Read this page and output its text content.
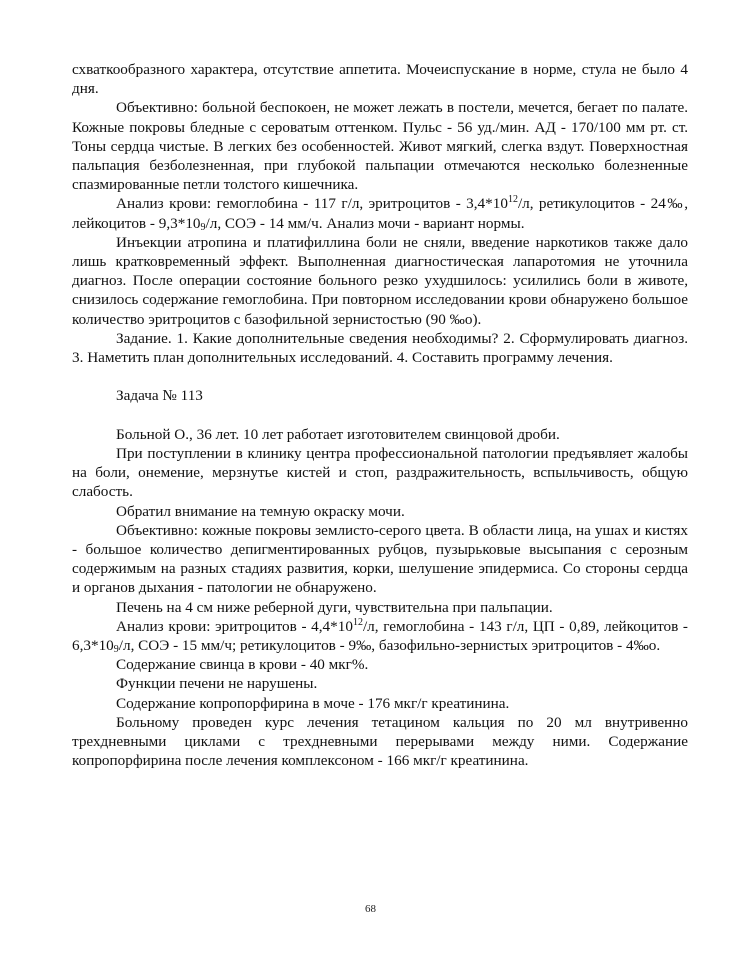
схваткообразного характера, отсутствие аппетита. Мочеиспускание в норме, стула не было 4 дня.

Объективно: больной беспокоен, не может лежать в постели, мечется, бегает по палате. Кожные покровы бледные с сероватым оттенком. Пульс - 56 уд./мин. АД - 170/100 мм рт. ст. Тоны сердца чистые. В легких без особенностей. Живот мягкий, слегка вздут. Поверхностная пальпация безболезненная, при глубокой пальпации отмечаются несколько болезненные спазмированные петли толстого кишечника.

Анализ крови: гемоглобина - 117 г/л, эритроцитов - $3,4*10^{12}/л$, ретикулоцитов - 24‰, лейкоцитов - $9,3*10_9/л$, СОЭ - 14 мм/ч. Анализ мочи - вариант нормы.

Инъекции атропина и платифиллина боли не сняли, введение наркотиков также дало лишь кратковременный эффект. Выполненная диагностическая лапаротомия не уточнила диагноз. После операции состояние больного резко ухудшилось: усилились боли в животе, снизилось содержание гемоглобина. При повторном исследовании крови обнаружено большое количество эритроцитов с базофильной зернистостью (90 ‰о).

Задание. 1. Какие дополнительные сведения необходимы? 2. Сформулировать диагноз. 3. Наметить план дополнительных исследований. 4. Составить программу лечения.

Задача № 113

Больной О., 36 лет. 10 лет работает изготовителем свинцовой дроби.

При поступлении в клинику центра профессиональной патологии предъявляет жалобы на боли, онемение, мерзнутье кистей и стоп, раздражительность, вспыльчивость, общую слабость.

Обратил внимание на темную окраску мочи.

Объективно: кожные покровы землисто-серого цвета. В области лица, на ушах и кистях - большое количество депигментированных рубцов, пузырьковые высыпания с серозным содержимым на разных стадиях развития, корки, шелушение эпидермиса. Со стороны сердца и органов дыхания - патологии не обнаружено.

Печень на 4 см ниже реберной дуги, чувствительна при пальпации.

Анализ крови: эритроцитов - $4,4*10^{12}/л$, гемоглобина - 143 г/л, ЦП - 0,89, лейкоцитов - $6,3*10_9/л$, СОЭ - 15 мм/ч; ретикулоцитов - 9‰, базофильно-зернистых эритроцитов - 4‰о.

Содержание свинца в крови - 40 мкг%.

Функции печени не нарушены.

Содержание копропорфирина в моче - 176 мкг/г креатинина.

Больному проведен курс лечения тетацином кальция по 20 мл внутривенно трехдневными циклами с трехдневными перерывами между ними. Содержание копропорфирина после лечения комплексоном - 166 мкг/г креатинина.

68
